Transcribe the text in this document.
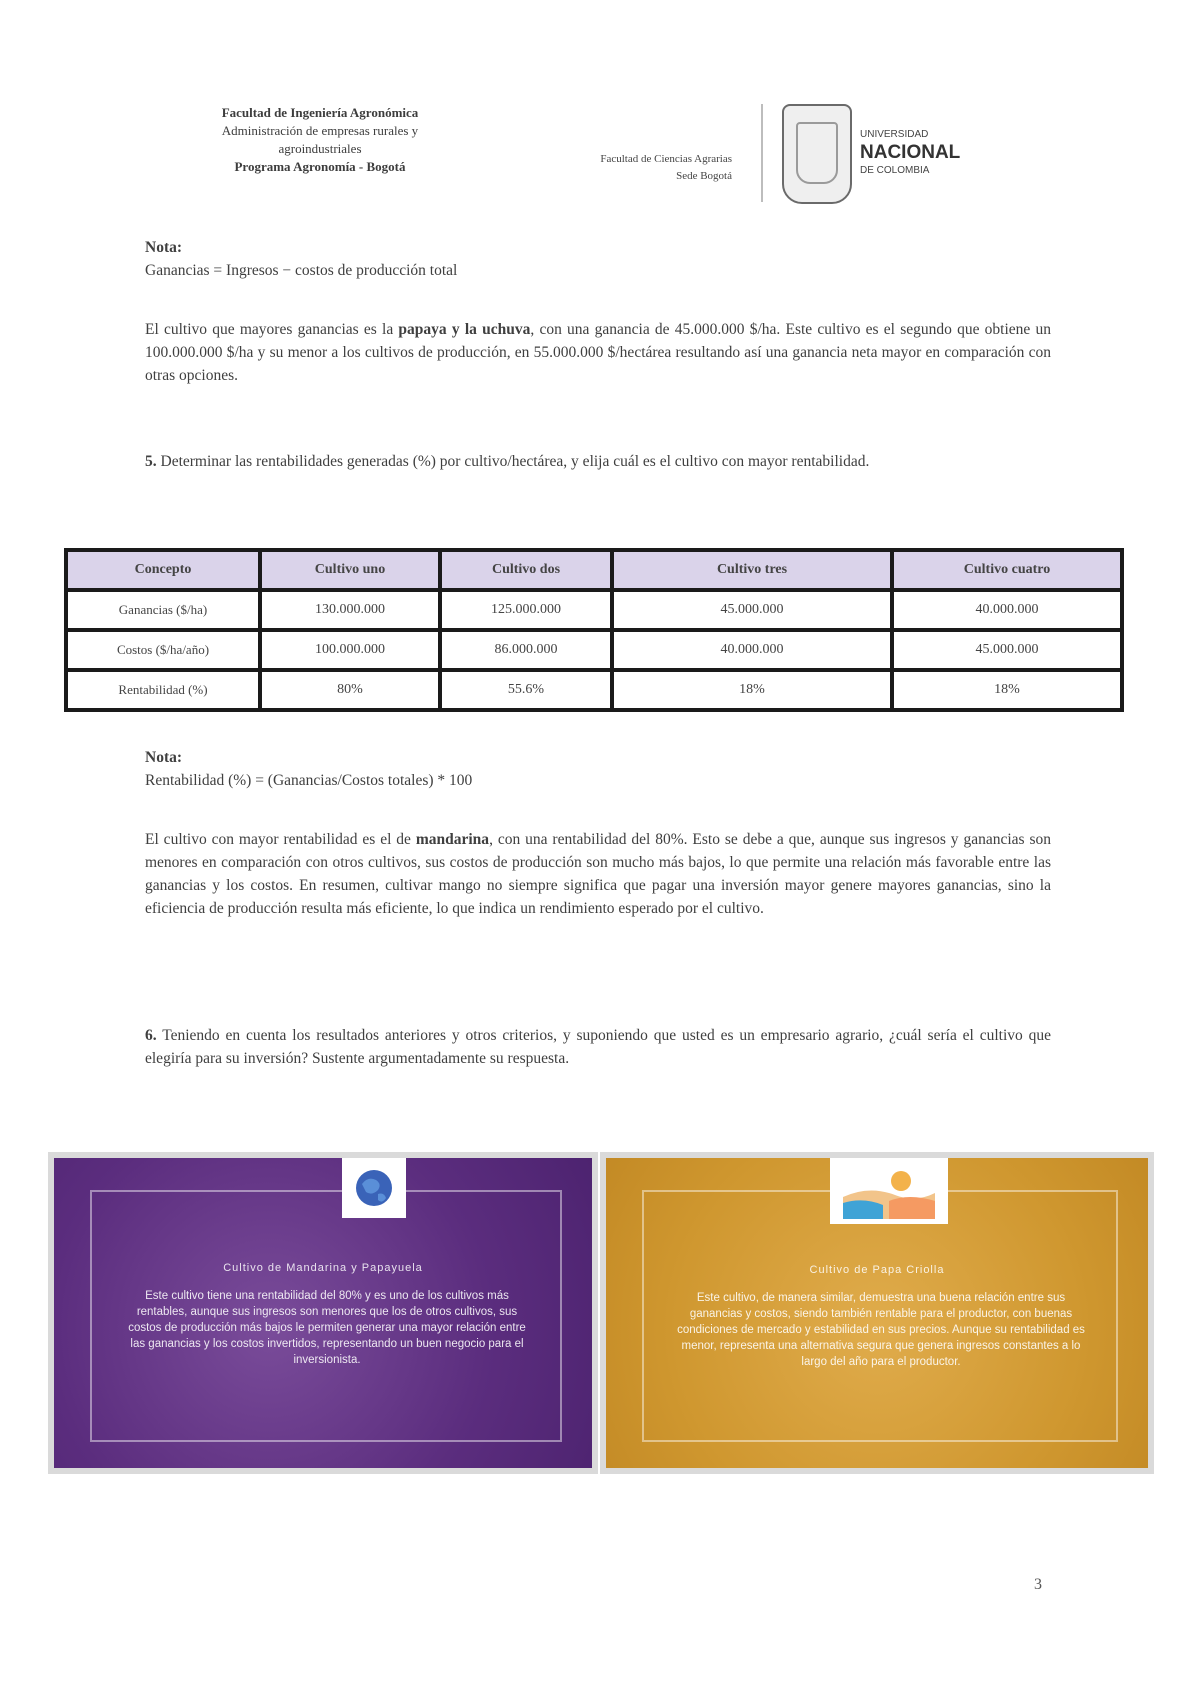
Facultad de Ingeniería Agronómica
Administración de empresas rurales y
agroindustriales
Programa Agronomía - Bogotá	Facultad de Ciencias Agrarias
Sede Bogotá
UNIVERSIDAD
NACIONAL
DE COLOMBIA
Nota:
Ganancias = Ingresos − costos de producción total
El cultivo que mayores ganancias es la papaya y la uchuva, con una ganancia de 45.000.000 $/ha. Este cultivo es el segundo que obtiene un 100.000.000 $/ha y su menor a los cultivos de producción, en 55.000.000 $/hectárea resultando así una ganancia neta mayor en comparación con otras opciones.
5. Determinar las rentabilidades generadas (%) por cultivo/hectárea, y elija cuál es el cultivo con mayor rentabilidad.
Concepto	Cultivo uno	Cultivo dos	Cultivo tres	Cultivo cuatro
Ganancias ($/ha)	130.000.000	125.000.000	45.000.000	40.000.000
Costos ($/ha/año)	100.000.000	86.000.000	40.000.000	45.000.000
Rentabilidad (%)	80%	55.6%	18%	18%
Nota:
Rentabilidad (%) = (Ganancias/Costos totales) * 100
El cultivo con mayor rentabilidad es el de mandarina, con una rentabilidad del 80%. Esto se debe a que, aunque sus ingresos y ganancias son menores en comparación con otros cultivos, sus costos de producción son mucho más bajos, lo que permite una relación más favorable entre las ganancias y los costos. En resumen, cultivar mango no siempre significa que pagar una inversión mayor genere mayores ganancias, sino la eficiencia de producción resulta más eficiente, lo que indica un rendimiento esperado por el cultivo.
6. Teniendo en cuenta los resultados anteriores y otros criterios, y suponiendo que usted es un empresario agrario, ¿cuál sería el cultivo que elegiría para su inversión? Sustente argumentadamente su respuesta.
Cultivo de Mandarina y Papayuela
Este cultivo tiene una rentabilidad del 80% y es uno de los cultivos más rentables, aunque sus ingresos son menores que los de otros cultivos, sus costos de producción más bajos le permiten generar una mayor relación entre las ganancias y los costos invertidos, representando un buen negocio para el inversionista.
Cultivo de Papa Criolla
Este cultivo, de manera similar, demuestra una buena relación entre sus ganancias y costos, siendo también rentable para el productor, con buenas condiciones de mercado y estabilidad en sus precios. Aunque su rentabilidad es menor, representa una alternativa segura que genera ingresos constantes a lo largo del año para el productor.
3
